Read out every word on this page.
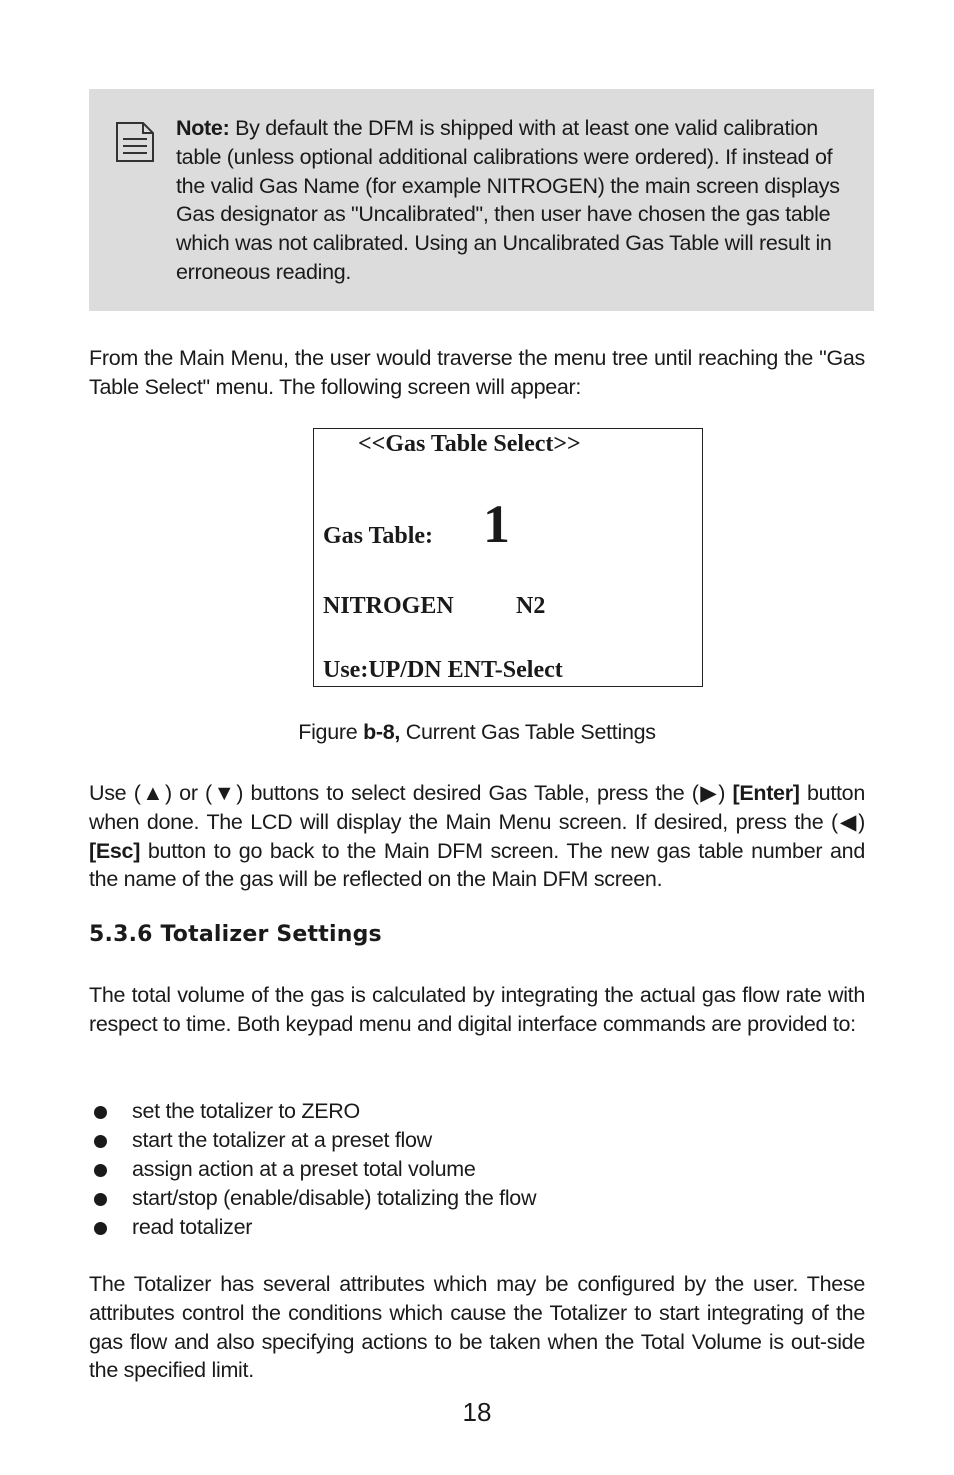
Note: By default the DFM is shipped with at least one valid calibration table (unless optional additional calibrations were ordered). If instead of the valid Gas Name (for example NITROGEN) the main screen displays Gas designator as "Uncalibrated", then user have chosen the gas table which was not calibrated. Using an Uncalibrated Gas Table will result in erroneous reading.
From the Main Menu, the user would traverse the menu tree until reaching the "Gas Table Select" menu. The following screen will appear:
<<Gas Table Select>>
Gas Table: 1
NITROGEN	N2
Use:UP/DN ENT-Select
Figure b-8, Current Gas Table Settings
Use (▲) or (▼) buttons to select desired Gas Table, press the (▶) [Enter] button when done. The LCD will display the Main Menu screen. If desired, press the (◀) [Esc] button to go back to the Main DFM screen. The new gas table number and the name of the gas will be reflected on the Main DFM screen.
5.3.6 Totalizer Settings
The total volume of the gas is calculated by integrating the actual gas flow rate with respect to time. Both keypad menu and digital interface commands are provided to:
set the totalizer to ZERO
start the totalizer at a preset flow
assign action at a preset total volume
start/stop (enable/disable) totalizing the flow
read totalizer
The Totalizer has several attributes which may be configured by the user. These attributes control the conditions which cause the Totalizer to start integrating of the gas flow and also specifying actions to be taken when the Total Volume is out-side the specified limit.
18
